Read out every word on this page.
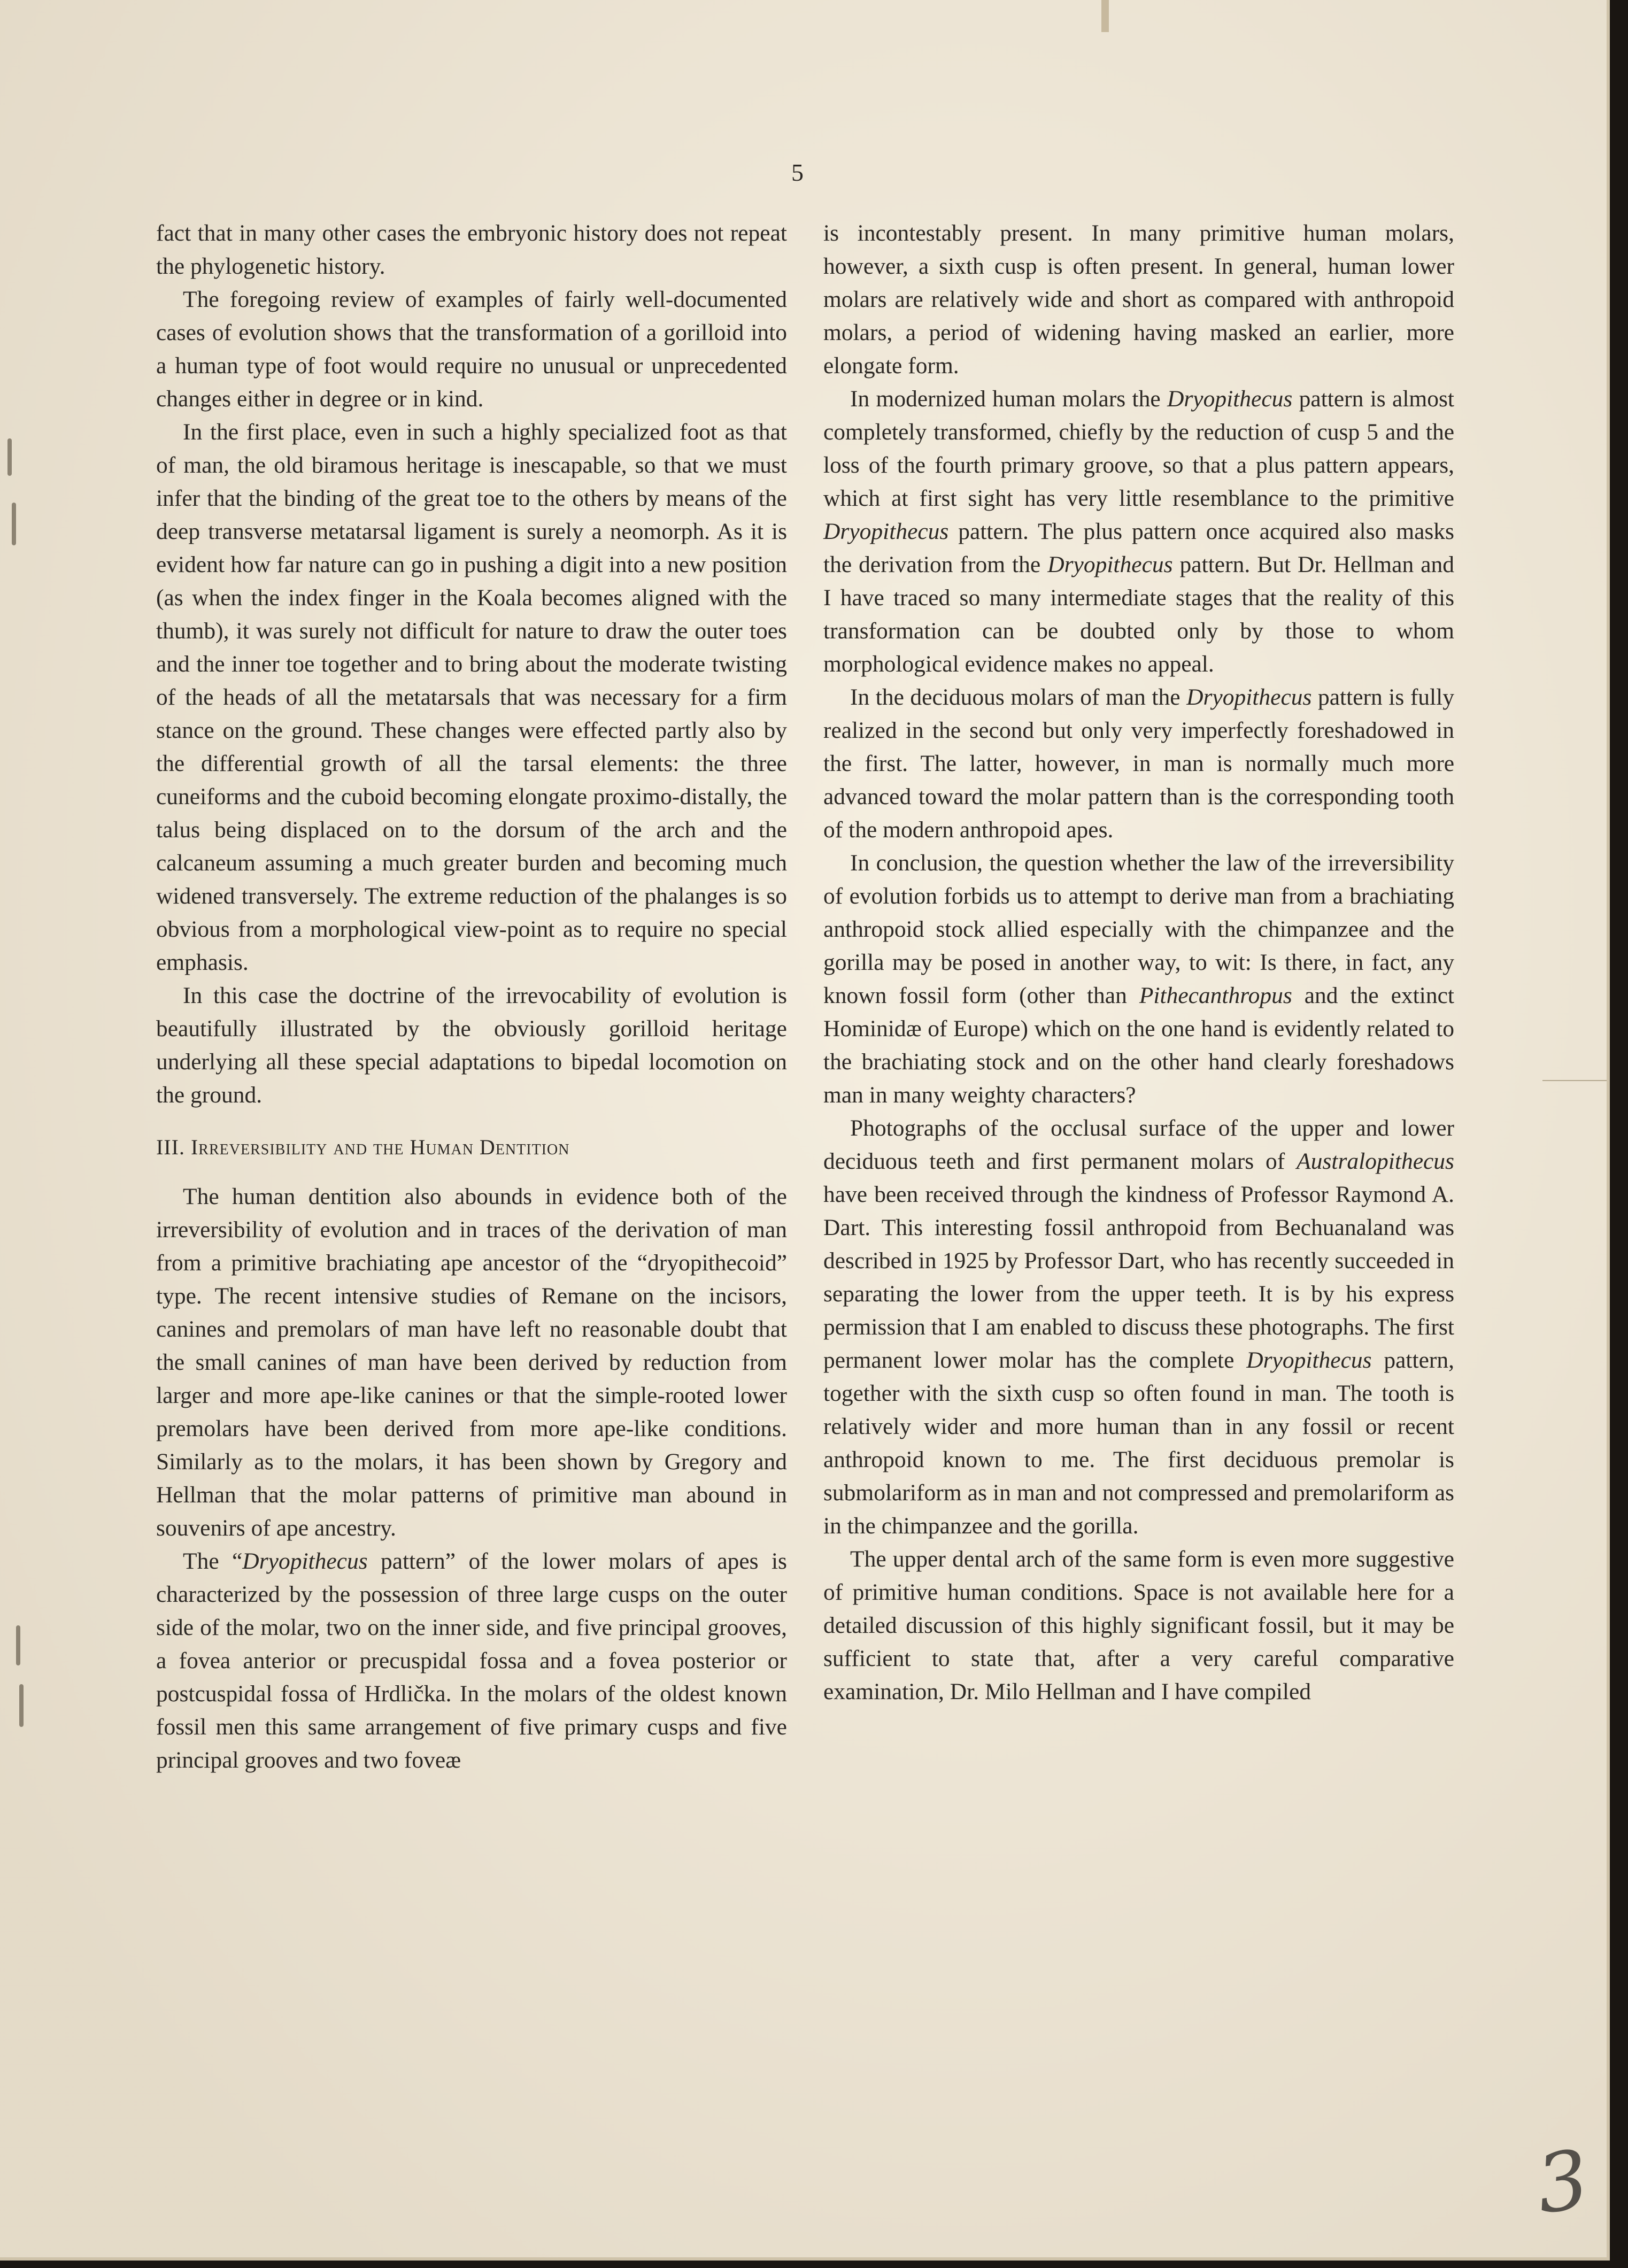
5

fact that in many other cases the embryonic history does not repeat the phylogenetic history.

The foregoing review of examples of fairly well-documented cases of evolution shows that the transformation of a gorilloid into a human type of foot would require no unusual or unprecedented changes either in degree or in kind.

In the first place, even in such a highly specialized foot as that of man, the old biramous heritage is inescapable, so that we must infer that the binding of the great toe to the others by means of the deep transverse metatarsal ligament is surely a neomorph. As it is evident how far nature can go in pushing a digit into a new position (as when the index finger in the Koala becomes aligned with the thumb), it was surely not difficult for nature to draw the outer toes and the inner toe together and to bring about the moderate twisting of the heads of all the metatarsals that was necessary for a firm stance on the ground. These changes were effected partly also by the differential growth of all the tarsal elements: the three cuneiforms and the cuboid becoming elongate proximo-distally, the talus being displaced on to the dorsum of the arch and the calcaneum assuming a much greater burden and becoming much widened transversely. The extreme reduction of the phalanges is so obvious from a morphological view-point as to require no special emphasis.

In this case the doctrine of the irrevocability of evolution is beautifully illustrated by the obviously gorilloid heritage underlying all these special adaptations to bipedal locomotion on the ground.

III. Irreversibility and the Human Dentition

The human dentition also abounds in evidence both of the irreversibility of evolution and in traces of the derivation of man from a primitive brachiating ape ancestor of the “dryopithecoid” type. The recent intensive studies of Remane on the incisors, canines and premolars of man have left no reasonable doubt that the small canines of man have been derived by reduction from larger and more ape-like canines or that the simple-rooted lower premolars have been derived from more ape-like conditions. Similarly as to the molars, it has been shown by Gregory and Hellman that the molar patterns of primitive man abound in souvenirs of ape ancestry.

The “Dryopithecus pattern” of the lower molars of apes is characterized by the possession of three large cusps on the outer side of the molar, two on the inner side, and five principal grooves, a fovea anterior or precuspidal fossa and a fovea posterior or postcuspidal fossa of Hrdlička. In the molars of the oldest known fossil men this same arrangement of five primary cusps and five principal grooves and two foveæ

is incontestably present. In many primitive human molars, however, a sixth cusp is often present. In general, human lower molars are relatively wide and short as compared with anthropoid molars, a period of widening having masked an earlier, more elongate form.

In modernized human molars the Dryopithecus pattern is almost completely transformed, chiefly by the reduction of cusp 5 and the loss of the fourth primary groove, so that a plus pattern appears, which at first sight has very little resemblance to the primitive Dryopithecus pattern. The plus pattern once acquired also masks the derivation from the Dryopithecus pattern. But Dr. Hellman and I have traced so many intermediate stages that the reality of this transformation can be doubted only by those to whom morphological evidence makes no appeal.

In the deciduous molars of man the Dryopithecus pattern is fully realized in the second but only very imperfectly foreshadowed in the first. The latter, however, in man is normally much more advanced toward the molar pattern than is the corresponding tooth of the modern anthropoid apes.

In conclusion, the question whether the law of the irreversibility of evolution forbids us to attempt to derive man from a brachiating anthropoid stock allied especially with the chimpanzee and the gorilla may be posed in another way, to wit: Is there, in fact, any known fossil form (other than Pithecanthropus and the extinct Hominidæ of Europe) which on the one hand is evidently related to the brachiating stock and on the other hand clearly foreshadows man in many weighty characters?

Photographs of the occlusal surface of the upper and lower deciduous teeth and first permanent molars of Australopithecus have been received through the kindness of Professor Raymond A. Dart. This interesting fossil anthropoid from Bechuanaland was described in 1925 by Professor Dart, who has recently succeeded in separating the lower from the upper teeth. It is by his express permission that I am enabled to discuss these photographs. The first permanent lower molar has the complete Dryopithecus pattern, together with the sixth cusp so often found in man. The tooth is relatively wider and more human than in any fossil or recent anthropoid known to me. The first deciduous premolar is submolariform as in man and not compressed and premolariform as in the chimpanzee and the gorilla.

The upper dental arch of the same form is even more suggestive of primitive human conditions. Space is not available here for a detailed discussion of this highly significant fossil, but it may be sufficient to state that, after a very careful comparative examination, Dr. Milo Hellman and I have compiled

3
